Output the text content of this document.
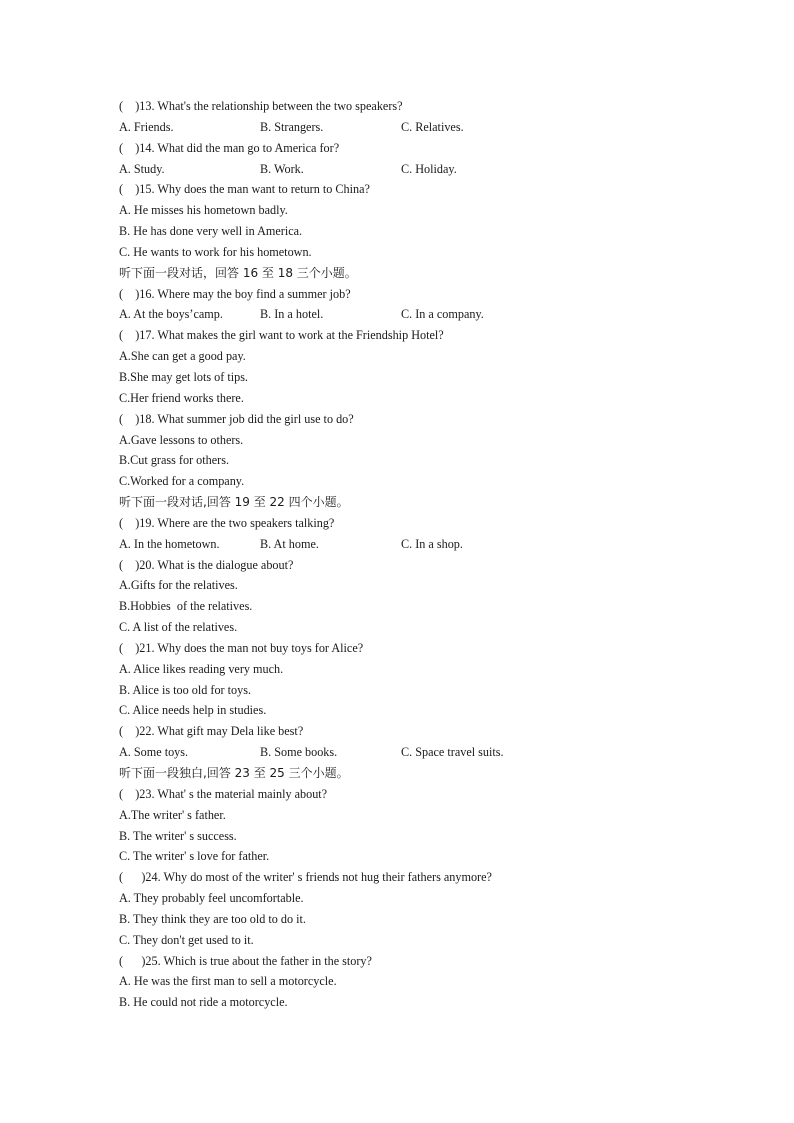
(    )13. What's the relationship between the two speakers?
A. Friends.	B. Strangers.	C. Relatives.
(    )14. What did the man go to America for?
A. Study.	B. Work.	C. Holiday.
(    )15. Why does the man want to return to China?
A. He misses his hometown badly.
B. He has done very well in America.
C. He wants to work for his hometown.
听下面一段对话，回答 16 至 18 三个小题。
(    )16. Where may the boy find a summer job?
A. At the boys’camp.	B. In a hotel.	C. In a company.
(    )17. What makes the girl want to work at the Friendship Hotel?
A.She can get a good pay.
B.She may get lots of tips.
C.Her friend works there.
(    )18. What summer job did the girl use to do?
A.Gave lessons to others.
B.Cut grass for others.
C.Worked for a company.
听下面一段对话,回答 19 至 22 四个小题。
(    )19. Where are the two speakers talking?
A. In the hometown.	B. At home.	C. In a shop.
(    )20. What is the dialogue about?
A.Gifts for the relatives.
B.Hobbies  of the relatives.
C. A list of the relatives.
(    )21. Why does the man not buy toys for Alice?
A. Alice likes reading very much.
B. Alice is too old for toys.
C. Alice needs help in studies.
(    )22. What gift may Dela like best?
A. Some toys.	B. Some books.	C. Space travel suits.
听下面一段独白,回答 23 至 25 三个小题。
(    )23. What' s the material mainly about?
A.The writer' s father.
B. The writer' s success.
C. The writer' s love for father.
(      )24. Why do most of the writer' s friends not hug their fathers anymore?
A. They probably feel uncomfortable.
B. They think they are too old to do it.
C. They don't get used to it.
(      )25. Which is true about the father in the story?
A. He was the first man to sell a motorcycle.
B. He could not ride a motorcycle.
